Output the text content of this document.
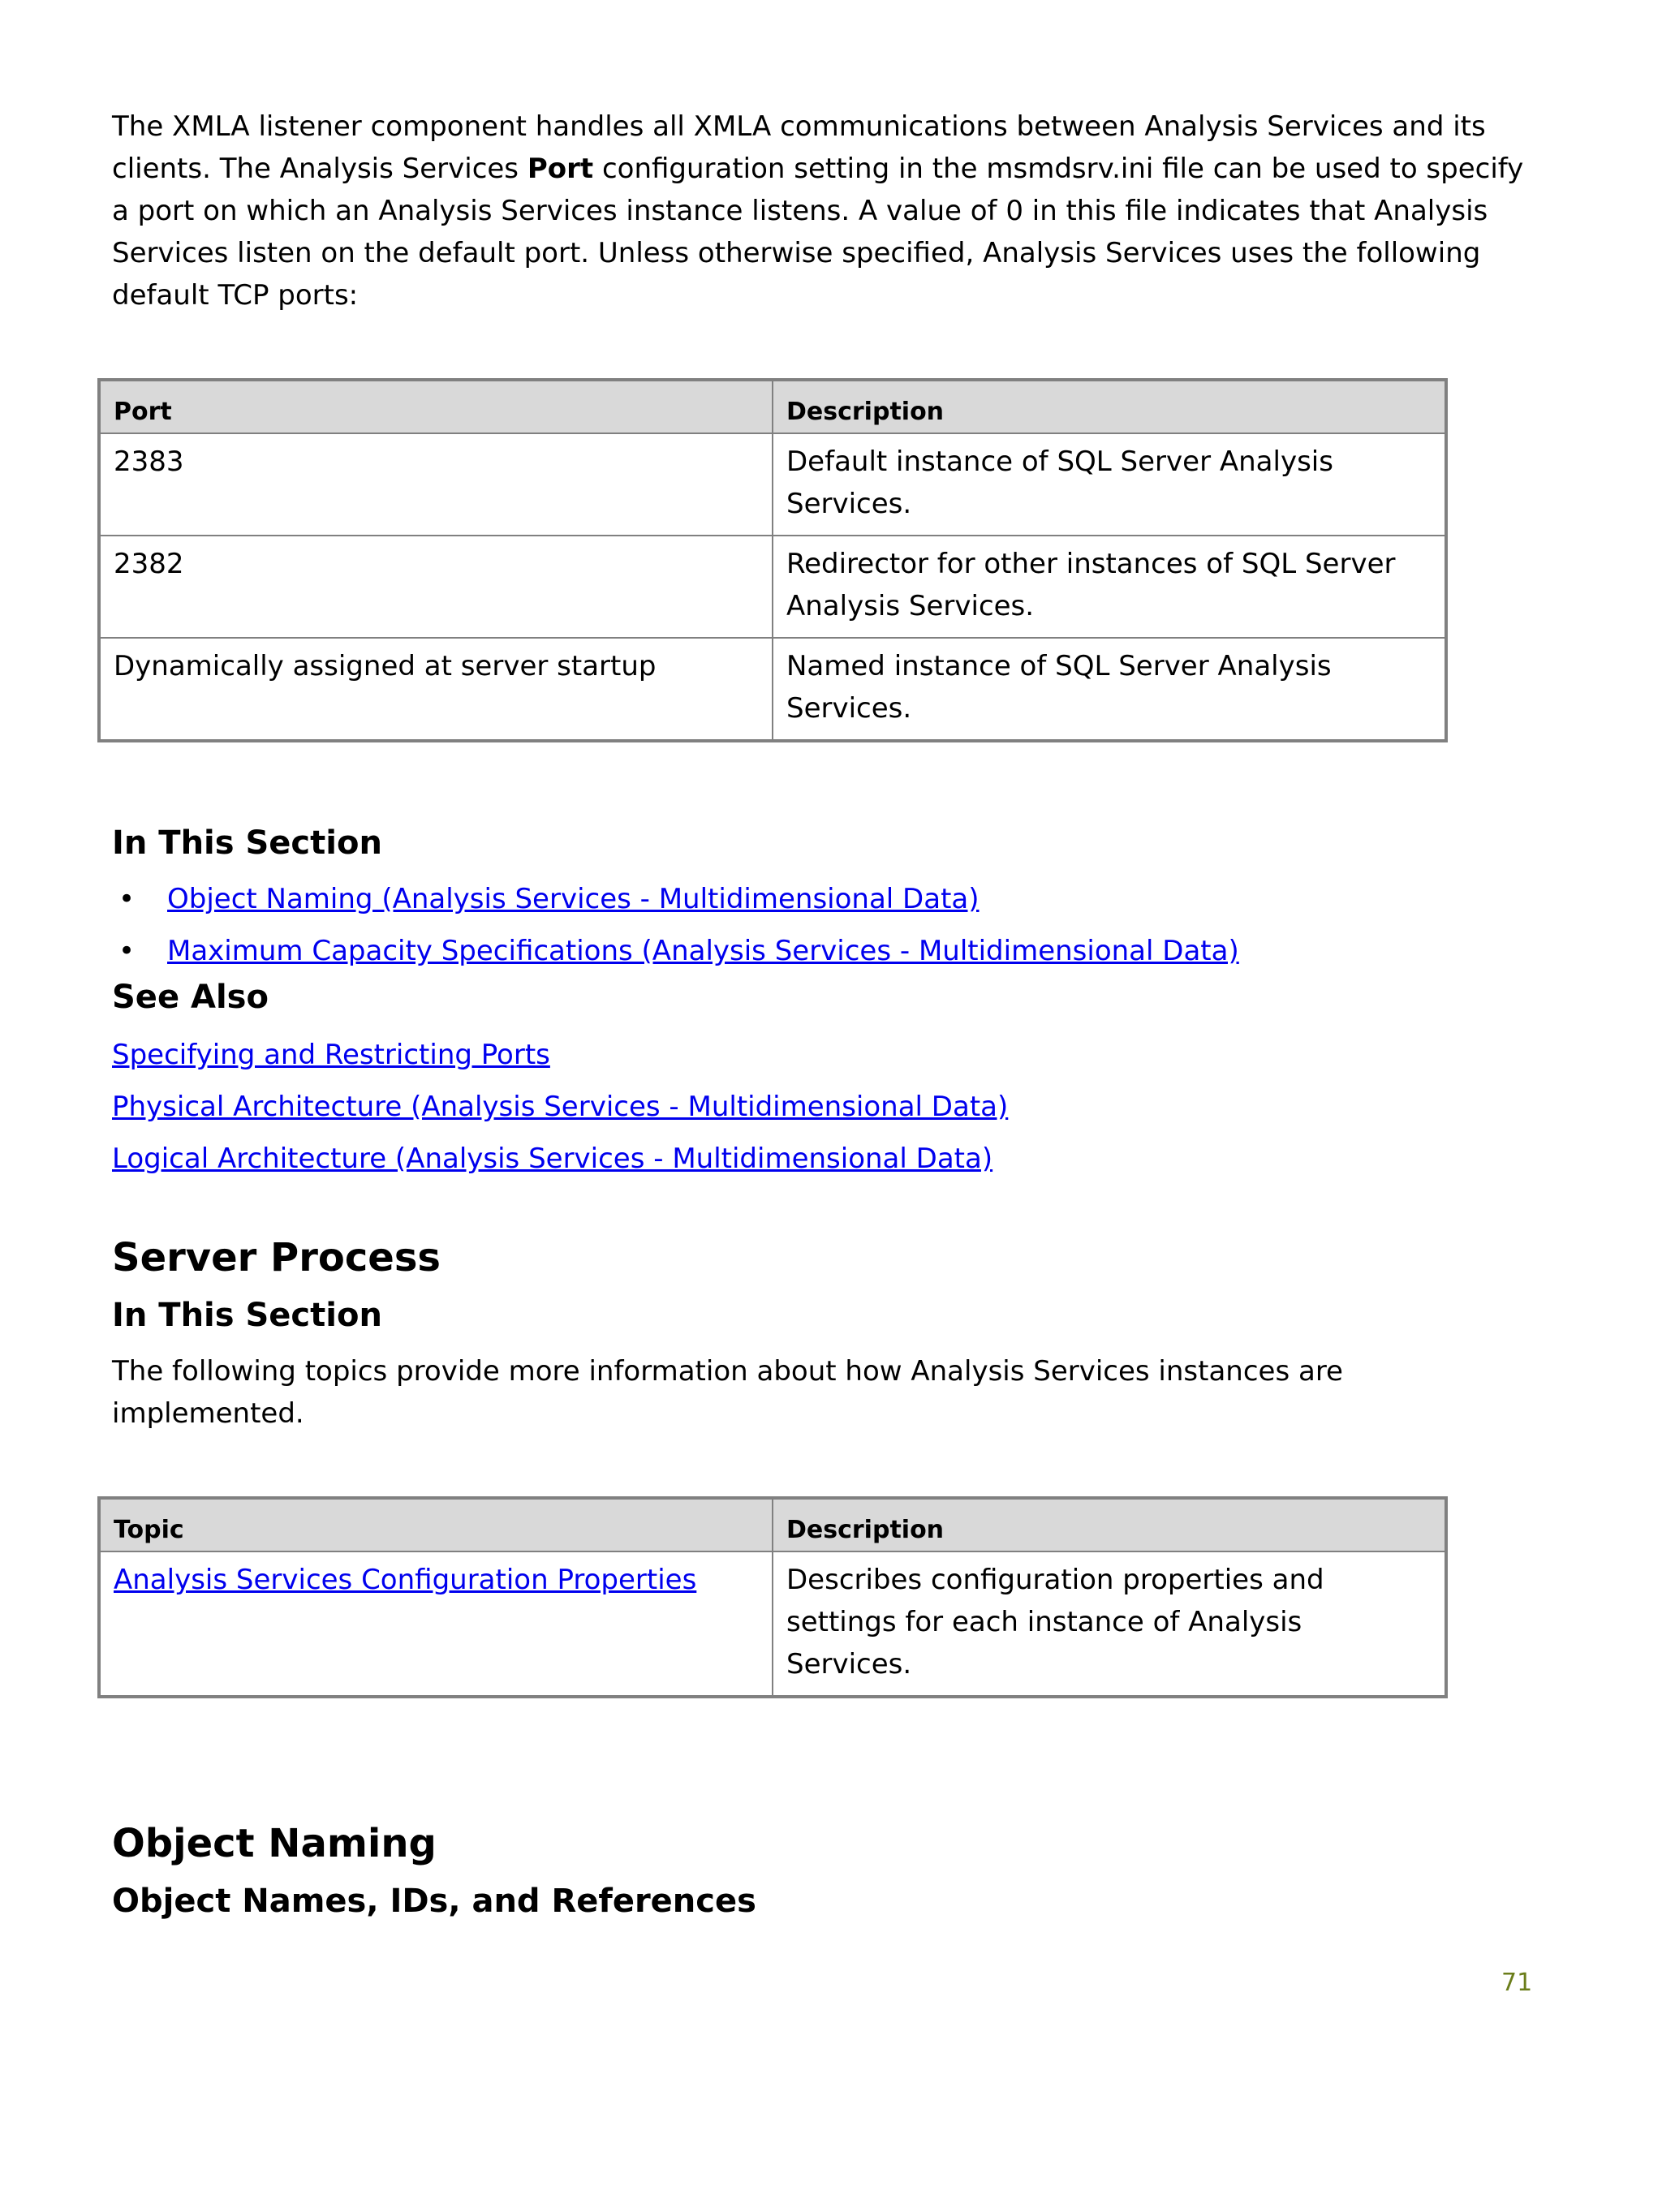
The XMLA listener component handles all XMLA communications between Analysis Services and its clients. The Analysis Services Port configuration setting in the msmdsrv.ini file can be used to specify a port on which an Analysis Services instance listens. A value of 0 in this file indicates that Analysis Services listen on the default port. Unless otherwise specified, Analysis Services uses the following default TCP ports:

Port	Description
2383	Default instance of SQL Server Analysis Services.
2382	Redirector for other instances of SQL Server Analysis Services.
Dynamically assigned at server startup	Named instance of SQL Server Analysis Services.
In This Section
• Object Naming (Analysis Services - Multidimensional Data)
• Maximum Capacity Specifications (Analysis Services - Multidimensional Data)
See Also
Specifying and Restricting Ports
Physical Architecture (Analysis Services - Multidimensional Data)
Logical Architecture (Analysis Services - Multidimensional Data)
Server Process
In This Section

The following topics provide more information about how Analysis Services instances are implemented.

Topic	Description
Analysis Services Configuration Properties	Describes configuration properties and settings for each instance of Analysis Services.
Object Naming
Object Names, IDs, and References
71
